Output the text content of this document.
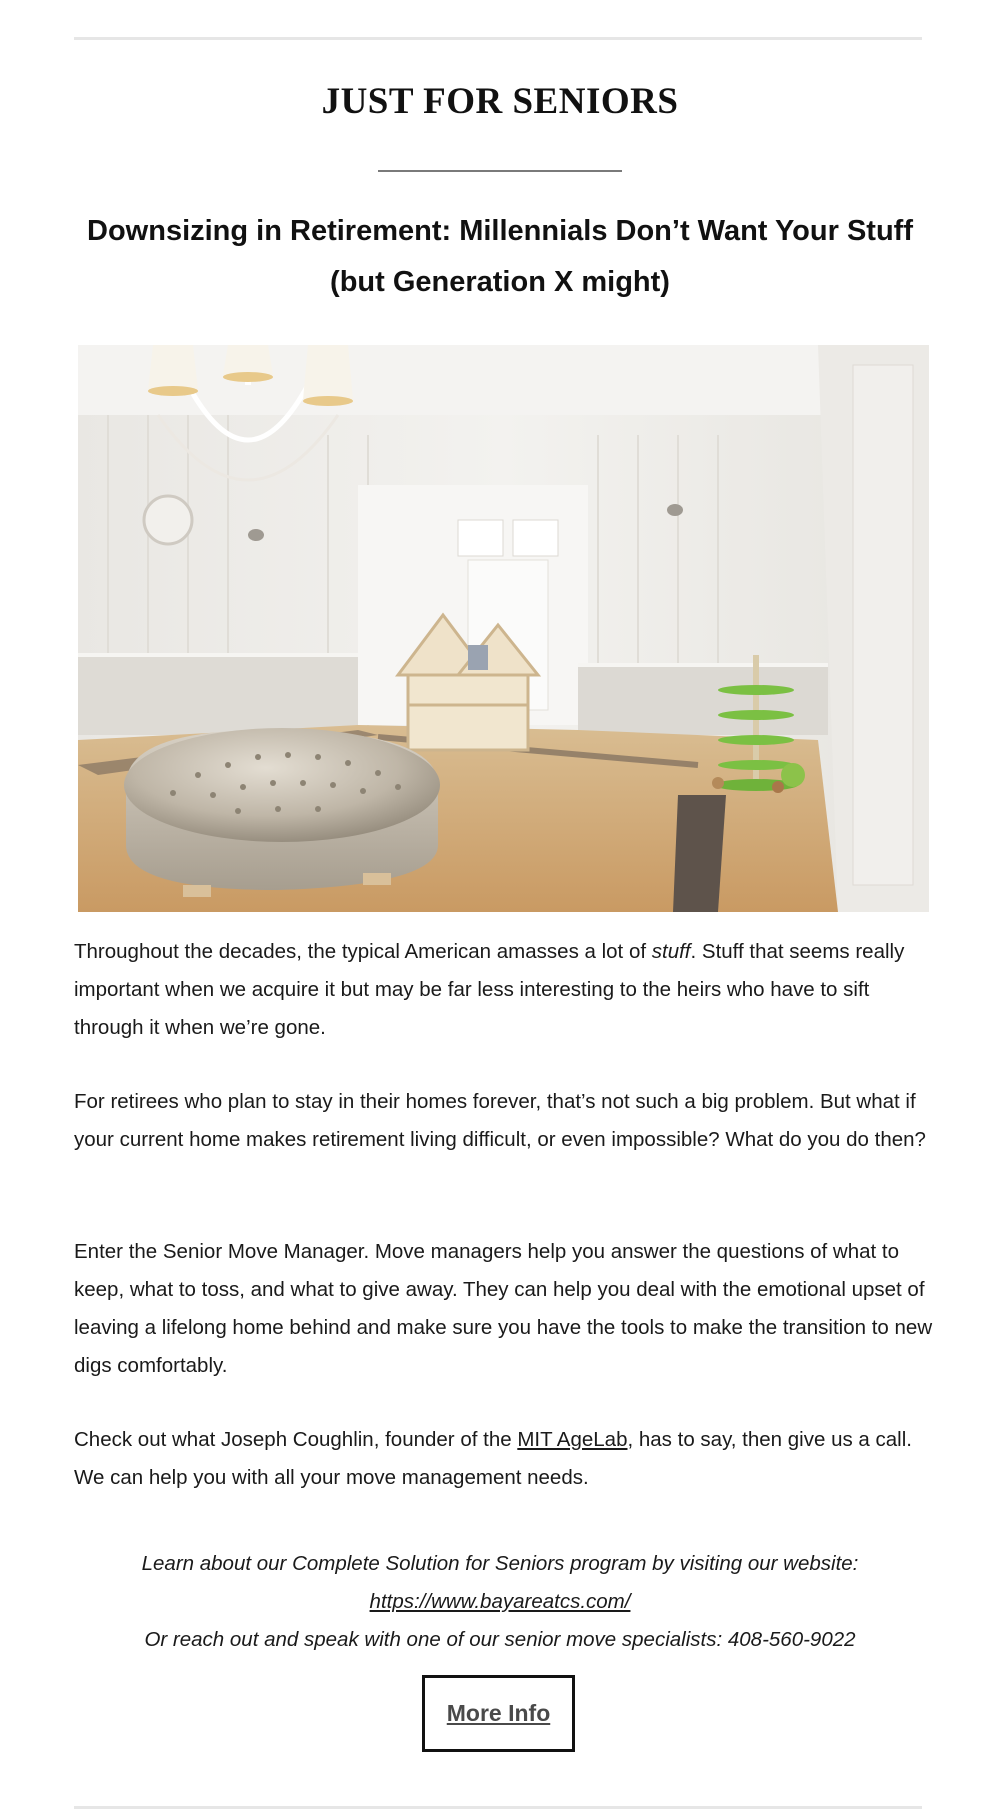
JUST FOR SENIORS
Downsizing in Retirement: Millennials Don’t Want Your Stuff (but Generation X might)
Throughout the decades, the typical American amasses a lot of stuff. Stuff that seems really important when we acquire it but may be far less interesting to the heirs who have to sift through it when we’re gone.
For retirees who plan to stay in their homes forever, that’s not such a big problem. But what if your current home makes retirement living difficult, or even impossible? What do you do then?
Enter the Senior Move Manager. Move managers help you answer the questions of what to keep, what to toss, and what to give away. They can help you deal with the emotional upset of leaving a lifelong home behind and make sure you have the tools to make the transition to new digs comfortably.
Check out what Joseph Coughlin, founder of the MIT AgeLab, has to say, then give us a call. We can help you with all your move management needs.

Learn about our Complete Solution for Seniors program by visiting our website:

https://www.bayareatcs.com/

Or reach out and speak with one of our senior move specialists: 408-560-9022

More Info
